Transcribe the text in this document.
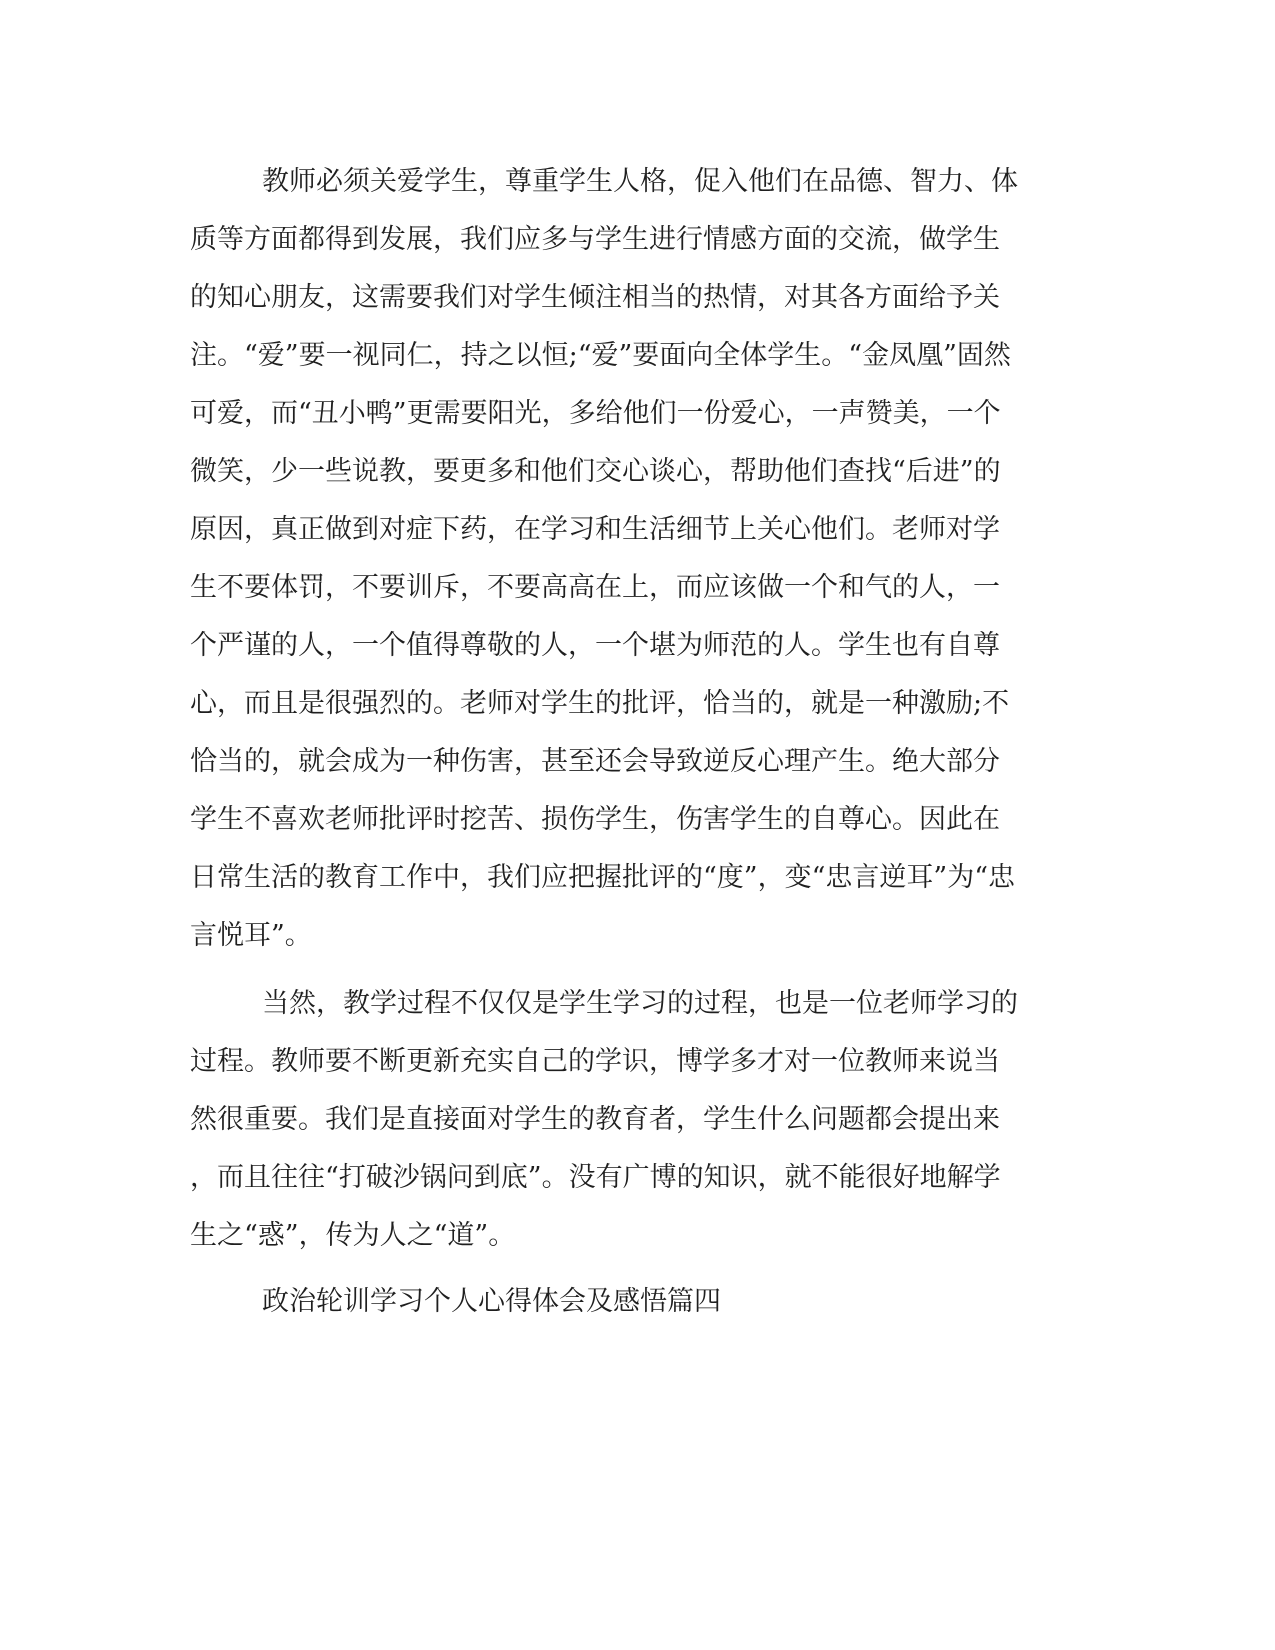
教师必须关爱学生，尊重学生人格，促入他们在品德、智力、体
质等方面都得到发展，我们应多与学生进行情感方面的交流，做学生
的知心朋友，这需要我们对学生倾注相当的热情，对其各方面给予关
注。“爱”要一视同仁，持之以恒;“爱”要面向全体学生。“金凤凰”固然
可爱，而“丑小鸭”更需要阳光，多给他们一份爱心，一声赞美，一个
微笑，少一些说教，要更多和他们交心谈心，帮助他们查找“后进”的
原因，真正做到对症下药，在学习和生活细节上关心他们。老师对学
生不要体罚，不要训斥，不要高高在上，而应该做一个和气的人，一
个严谨的人，一个值得尊敬的人，一个堪为师范的人。学生也有自尊
心，而且是很强烈的。老师对学生的批评，恰当的，就是一种激励;不
恰当的，就会成为一种伤害，甚至还会导致逆反心理产生。绝大部分
学生不喜欢老师批评时挖苦、损伤学生，伤害学生的自尊心。因此在
日常生活的教育工作中，我们应把握批评的“度”，变“忠言逆耳”为“忠
言悦耳”。
当然，教学过程不仅仅是学生学习的过程，也是一位老师学习的
过程。教师要不断更新充实自己的学识，博学多才对一位教师来说当
然很重要。我们是直接面对学生的教育者，学生什么问题都会提出来
，而且往往“打破沙锅问到底”。没有广博的知识，就不能很好地解学
生之“惑”，传为人之“道”。
政治轮训学习个人心得体会及感悟篇四
